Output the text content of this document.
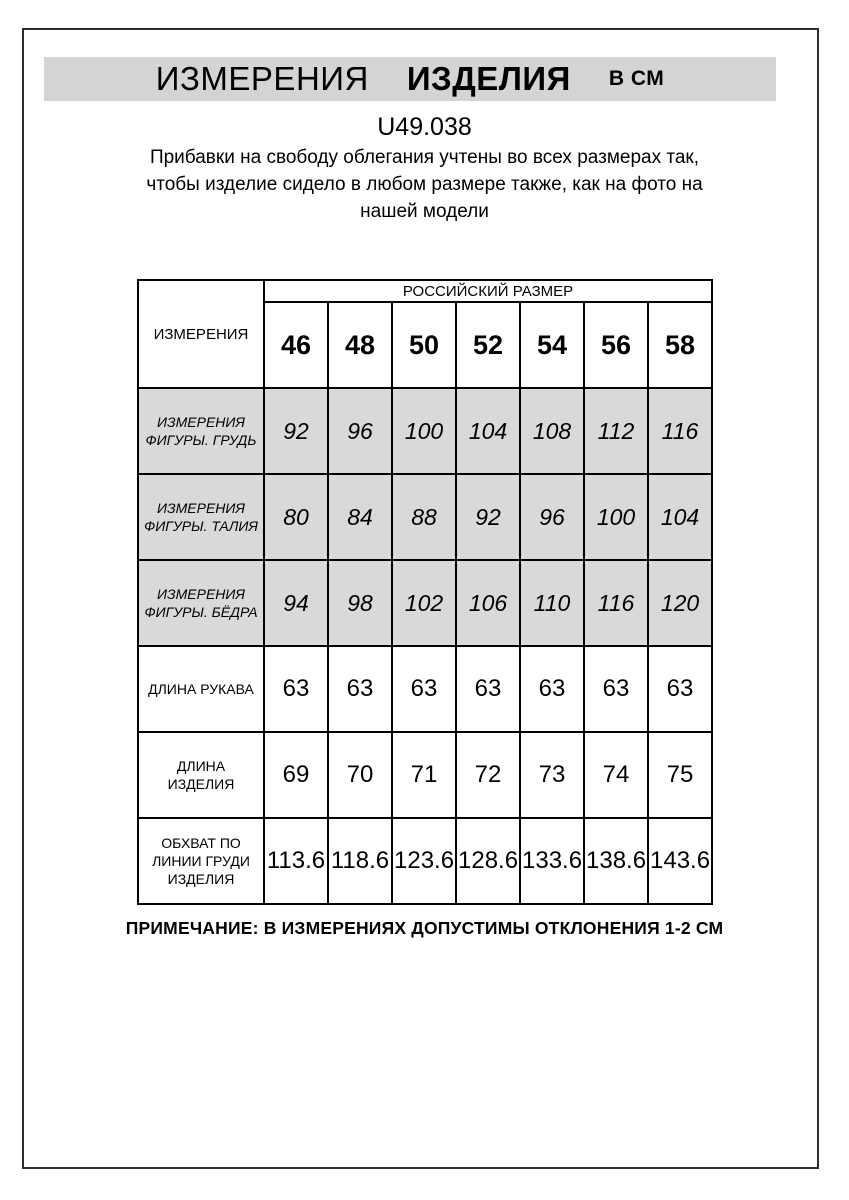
ИЗМЕРЕНИЯ ИЗДЕЛИЯ В СМ
U49.038
Прибавки на свободу облегания учтены во всех размерах так,
чтобы изделие сидело в любом размере также, как на фото на
нашей модели
ИЗМЕРЕНИЯ	РОССИЙСКИЙ РАЗМЕР						
	46	48	50	52	54	56	58
ИЗМЕРЕНИЯ ФИГУРЫ. ГРУДЬ	92	96	100	104	108	112	116
ИЗМЕРЕНИЯ ФИГУРЫ. ТАЛИЯ	80	84	88	92	96	100	104
ИЗМЕРЕНИЯ ФИГУРЫ. БЁДРА	94	98	102	106	110	116	120
ДЛИНА РУКАВА	63	63	63	63	63	63	63
ДЛИНА ИЗДЕЛИЯ	69	70	71	72	73	74	75
ОБХВАТ ПО ЛИНИИ ГРУДИ ИЗДЕЛИЯ	113.6	118.6	123.6	128.6	133.6	138.6	143.6
ПРИМЕЧАНИЕ: В ИЗМЕРЕНИЯХ ДОПУСТИМЫ ОТКЛОНЕНИЯ 1-2 СМ
